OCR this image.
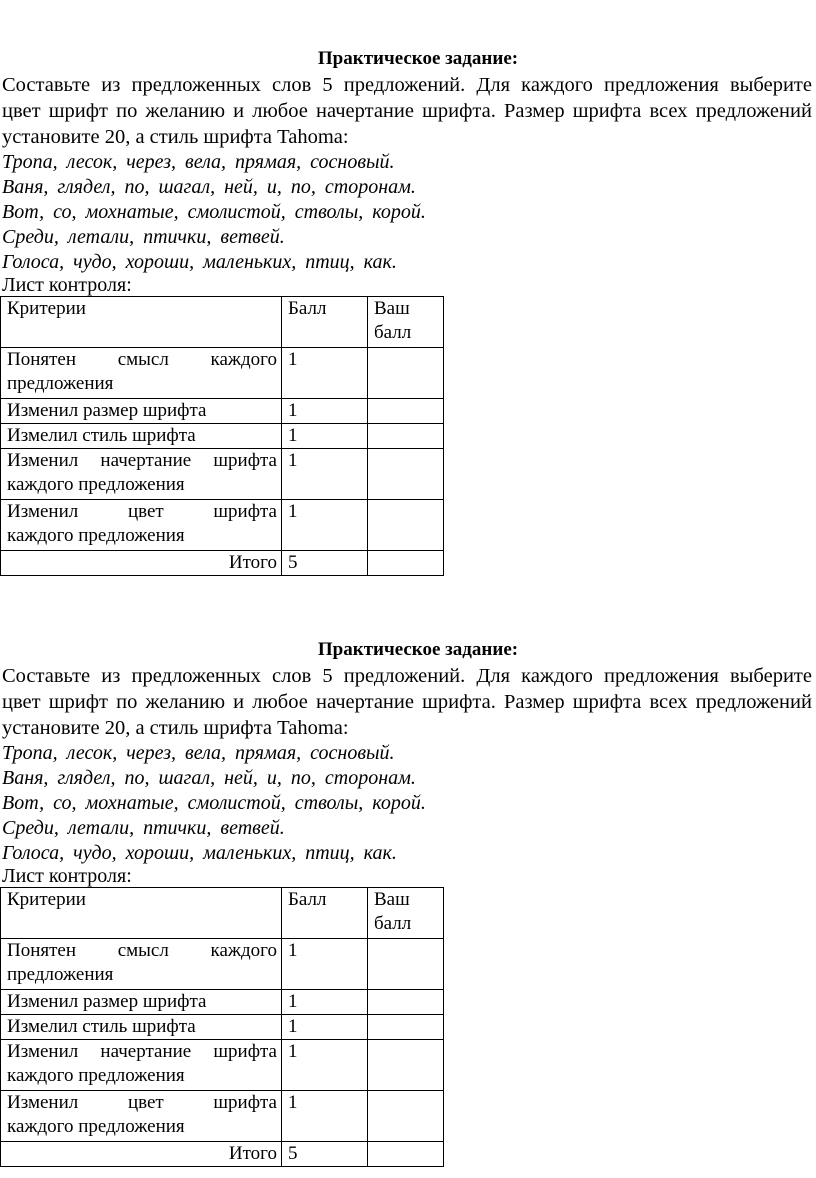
Практическое задание:
Составьте из предложенных слов 5 предложений. Для каждого предложения выберите
цвет шрифт по желанию и любое начертание шрифта. Размер шрифта всех предложений
установите 20, а стиль шрифта Tahoma:
Тропа, лесок, через, вела, прямая, сосновый.
Ваня, глядел, по, шагал, ней, и, по, сторонам.
Вот, со, мохнатые, смолистой, стволы, корой.
Среди, летали, птички, ветвей.
Голоса, чудо, хороши, маленьких, птиц, как.
Лист контроля:
Критерии	Балл	Ваш балл

Понятен смысл каждого
предложения	1	
Изменил размер шрифта	1	
Измелил стиль шрифта	1	

Изменил начертание шрифта
каждого предложения	1	

Изменил цвет шрифта
каждого предложения	1	
Итого	5	
Практическое задание:
Составьте из предложенных слов 5 предложений. Для каждого предложения выберите
цвет шрифт по желанию и любое начертание шрифта. Размер шрифта всех предложений
установите 20, а стиль шрифта Tahoma:
Тропа, лесок, через, вела, прямая, сосновый.
Ваня, глядел, по, шагал, ней, и, по, сторонам.
Вот, со, мохнатые, смолистой, стволы, корой.
Среди, летали, птички, ветвей.
Голоса, чудо, хороши, маленьких, птиц, как.
Лист контроля:
Критерии	Балл	Ваш балл

Понятен смысл каждого
предложения	1	
Изменил размер шрифта	1	
Измелил стиль шрифта	1	

Изменил начертание шрифта
каждого предложения	1	

Изменил цвет шрифта
каждого предложения	1	
Итого	5	
